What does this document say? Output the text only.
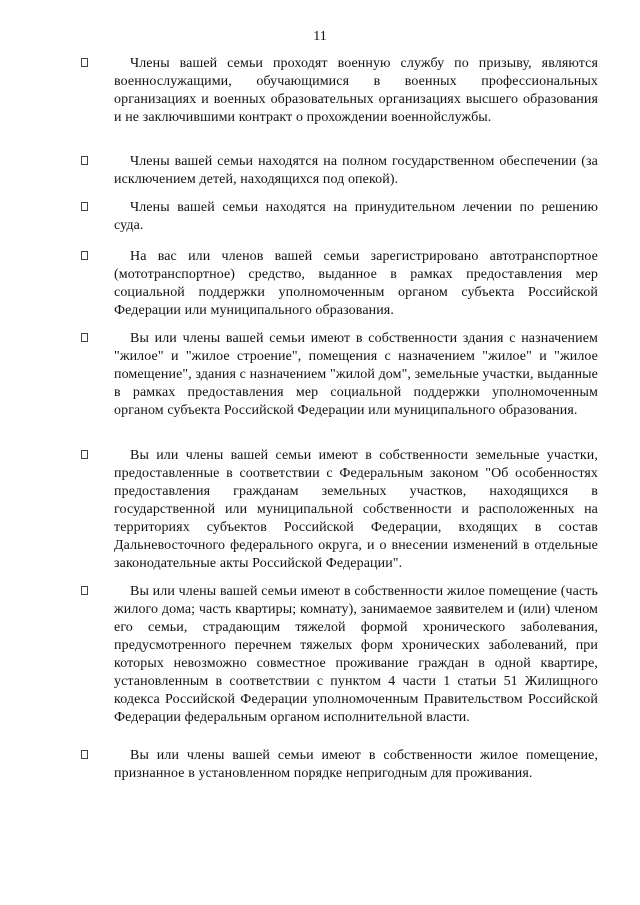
11

Члены вашей семьи проходят военную службу по призыву, являются военнослужащими, обучающимися в военных профессиональных организациях и военных образовательных организациях высшего образования и не заключившими контракт о прохождении военнойслужбы.

Члены вашей семьи находятся на полном государственном обеспечении (за исключением детей, находящихся под опекой).

Члены вашей семьи находятся на принудительном лечении по решению суда.

На вас или членов вашей семьи зарегистрировано автотранспортное (мототранспортное) средство, выданное в рамках предоставления мер социальной поддержки уполномоченным органом субъекта Российской Федерации или муниципального образования.

Вы или члены вашей семьи имеют в собственности здания с назначением "жилое" и "жилое строение", помещения с назначением "жилое" и "жилое помещение", здания с назначением "жилой дом", земельные участки, выданные в рамках предоставления мер социальной поддержки уполномоченным органом субъекта Российской Федерации или муниципального образования.

Вы или члены вашей семьи имеют в собственности земельные участки, предоставленные в соответствии с Федеральным законом "Об особенностях предоставления гражданам земельных участков, находящихся в государственной или муниципальной собственности и расположенных на территориях субъектов Российской Федерации, входящих в состав Дальневосточного федерального округа, и о внесении изменений в отдельные законодательные акты Российской Федерации".

Вы или члены вашей семьи имеют в собственности жилое помещение (часть жилого дома; часть квартиры; комнату), занимаемое заявителем и (или) членом его семьи, страдающим тяжелой формой хронического заболевания, предусмотренного перечнем тяжелых форм хронических заболеваний, при которых невозможно совместное проживание граждан в одной квартире, установленным в соответствии с пунктом 4 части 1 статьи 51 Жилищного кодекса Российской Федерации уполномоченным Правительством Российской Федерации федеральным органом исполнительной власти.

Вы или члены вашей семьи имеют в собственности жилое помещение, признанное в установленном порядке непригодным для проживания.
